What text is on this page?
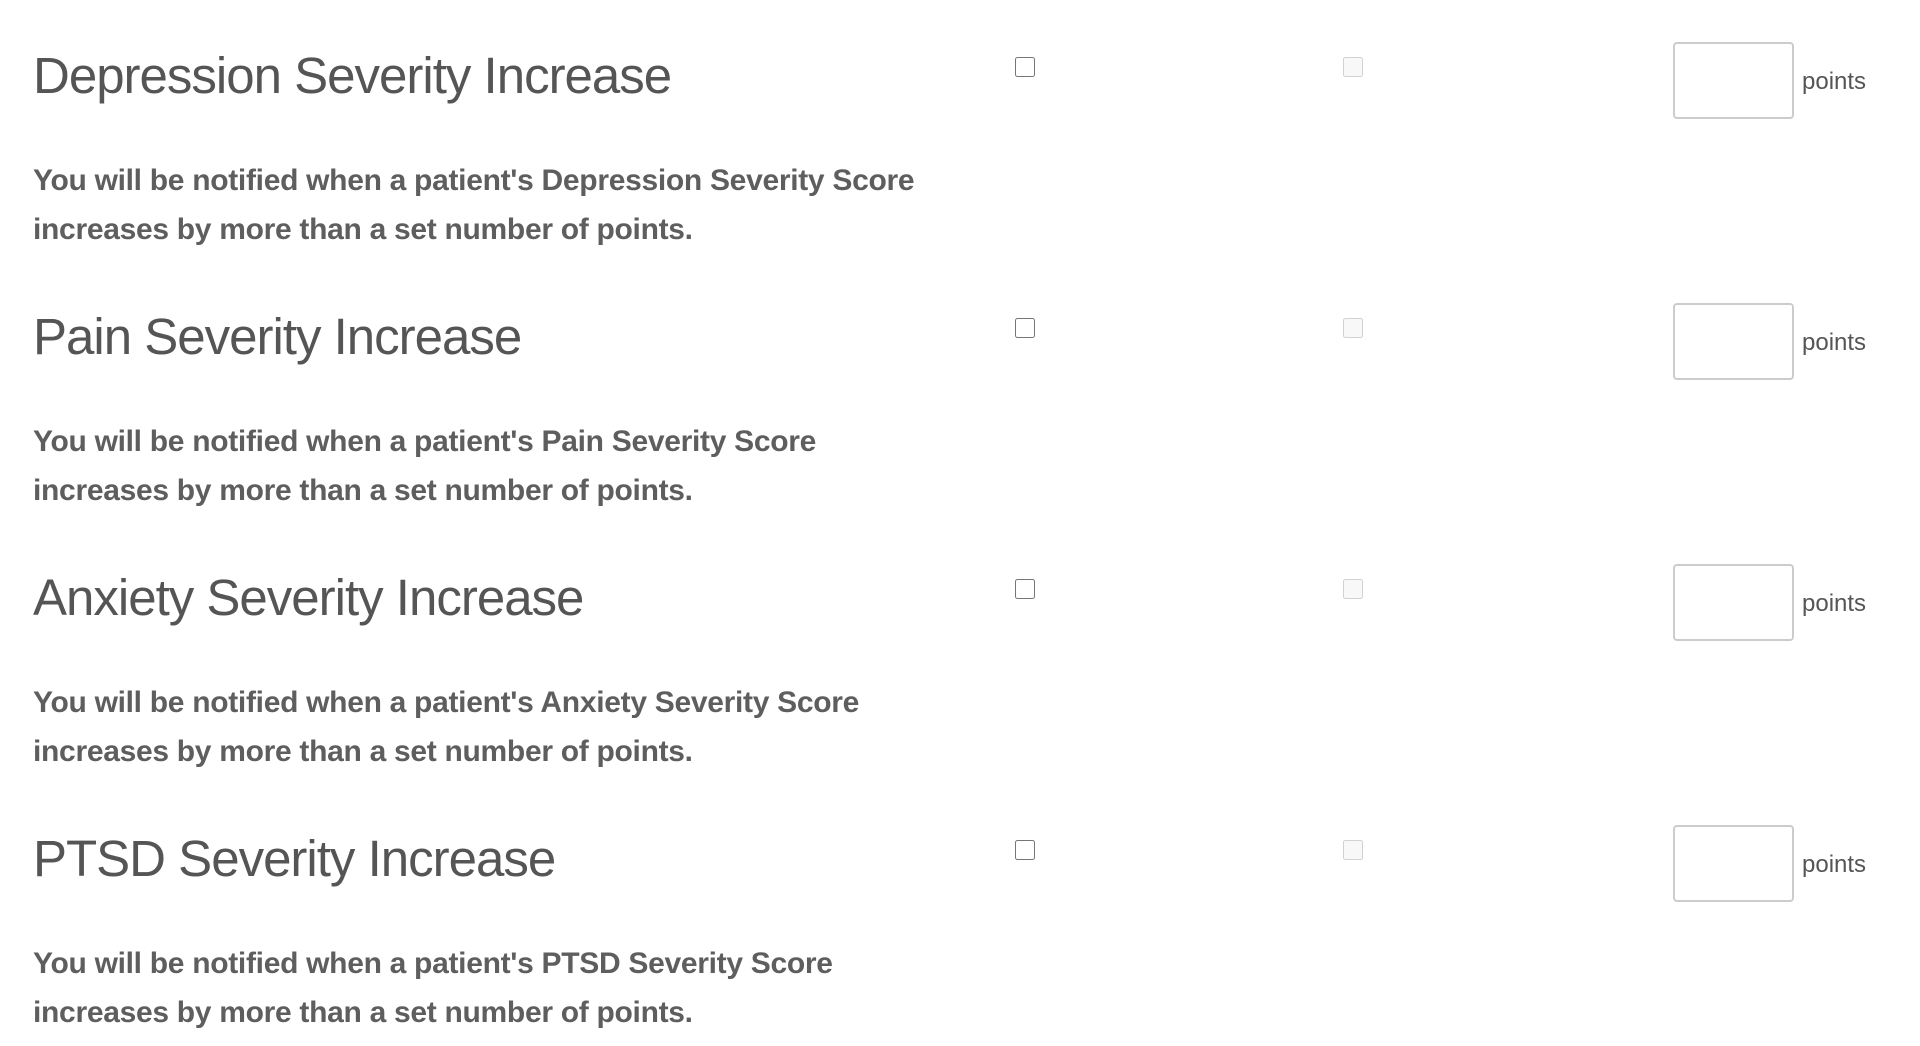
Depression Severity Increase	points

You will be notified when a patient's Depression Severity Score increases by more than a set number of points.

Pain Severity Increase	points

You will be notified when a patient's Pain Severity Score increases by more than a set number of points.

Anxiety Severity Increase	points

You will be notified when a patient's Anxiety Severity Score increases by more than a set number of points.

PTSD Severity Increase	points

You will be notified when a patient's PTSD Severity Score increases by more than a set number of points.
